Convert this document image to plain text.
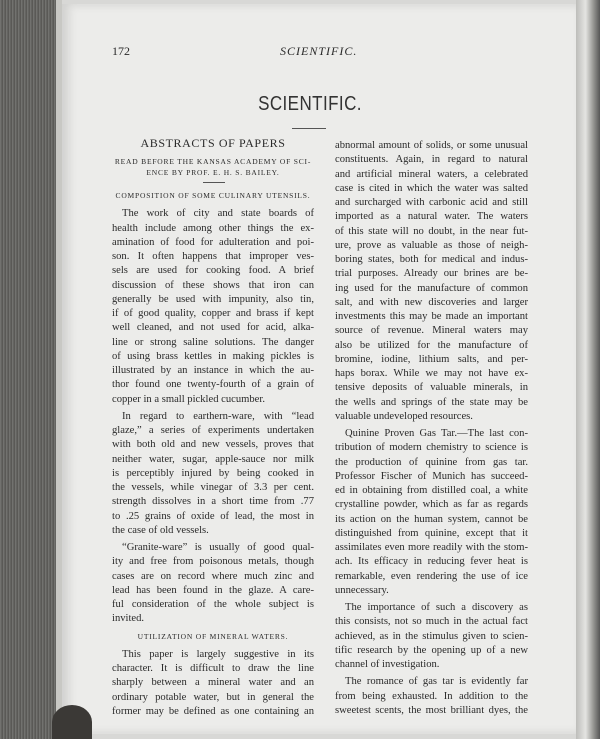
172	SCIENTIFIC.
SCIENTIFIC.
ABSTRACTS OF PAPERS
READ BEFORE THE KANSAS ACADEMY OF SCI-
ENCE BY PROF. E. H. S. BAILEY.
COMPOSITION OF SOME CULINARY UTENSILS.
The work of city and state boards of
health include among other things the ex-
amination of food for adulteration and poi-
son. It often happens that improper ves-
sels are used for cooking food. A brief
discussion of these shows that iron can
generally be used with impunity, also tin,
if of good quality, copper and brass if kept
well cleaned, and not used for acid, alka-
line or strong saline solutions. The danger
of using brass kettles in making pickles is
illustrated by an instance in which the au-
thor found one twenty-fourth of a grain of
copper in a small pickled cucumber.
In regard to earthern-ware, with “lead
glaze,” a series of experiments undertaken
with both old and new vessels, proves that
neither water, sugar, apple-sauce nor milk
is perceptibly injured by being cooked in
the vessels, while vinegar of 3.3 per cent.
strength dissolves in a short time from .77
to .25 grains of oxide of lead, the most in
the case of old vessels.
“Granite-ware” is usually of good qual-
ity and free from poisonous metals, though
cases are on record where much zinc and
lead has been found in the glaze. A care-
ful consideration of the whole subject is
invited.
UTILIZATION OF MINERAL WATERS.
This paper is largely suggestive in its
character. It is difficult to draw the line
sharply between a mineral water and an
ordinary potable water, but in general the
former may be defined as one containing an
abnormal amount of solids, or some unusual
constituents. Again, in regard to natural
and artificial mineral waters, a celebrated
case is cited in which the water was salted
and surcharged with carbonic acid and still
imported as a natural water. The waters
of this state will no doubt, in the near fut-
ure, prove as valuable as those of neigh-
boring states, both for medical and indus-
trial purposes. Already our brines are be-
ing used for the manufacture of common
salt, and with new discoveries and larger
investments this may be made an important
source of revenue. Mineral waters may
also be utilized for the manufacture of
bromine, iodine, lithium salts, and per-
haps borax. While we may not have ex-
tensive deposits of valuable minerals, in
the wells and springs of the state may be
valuable undeveloped resources.
Quinine Proven Gas Tar.—The last con-
tribution of modern chemistry to science is
the production of quinine from gas tar.
Professor Fischer of Munich has succeed-
ed in obtaining from distilled coal, a white
crystalline powder, which as far as regards
its action on the human system, cannot be
distinguished from quinine, except that it
assimilates even more readily with the stom-
ach. Its efficacy in reducing fever heat is
remarkable, even rendering the use of ice
unnecessary.
The importance of such a discovery as
this consists, not so much in the actual fact
achieved, as in the stimulus given to scien-
tific research by the opening up of a new
channel of investigation.
The romance of gas tar is evidently far
from being exhausted. In addition to the
sweetest scents, the most brilliant dyes, the
